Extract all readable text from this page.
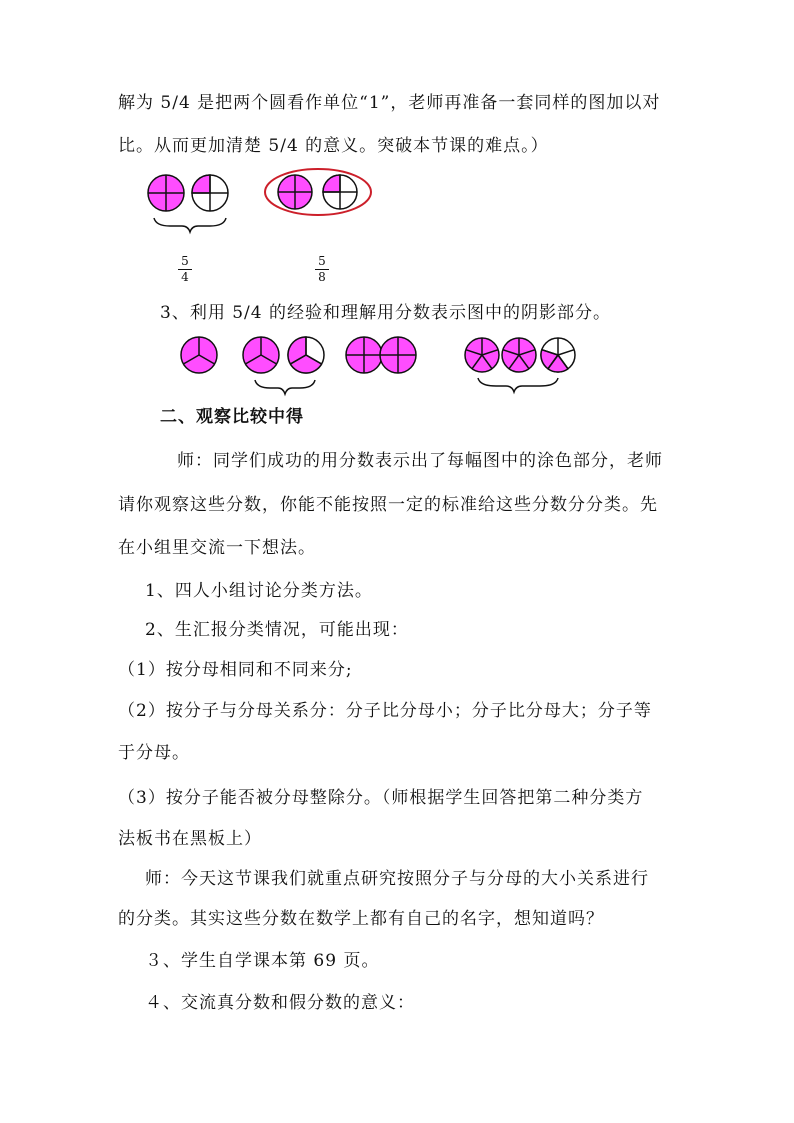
解为 5/4 是把两个圆看作单位“1”，老师再准备一套同样的图加以对
比。从而更加清楚 5/4 的意义。突破本节课的难点。）
3、利用 5/4 的经验和理解用分数表示图中的阴影部分。
二、观察比较中得
师：同学们成功的用分数表示出了每幅图中的涂色部分，老师
请你观察这些分数，你能不能按照一定的标准给这些分数分分类。先
在小组里交流一下想法。
1、四人小组讨论分类方法。
2、生汇报分类情况，可能出现：
（1）按分母相同和不同来分;
（2）按分子与分母关系分：分子比分母小；分子比分母大；分子等
于分母。
（3）按分子能否被分母整除分。（师根据学生回答把第二种分类方
法板书在黑板上）
师：今天这节课我们就重点研究按照分子与分母的大小关系进行
的分类。其实这些分数在数学上都有自己的名字，想知道吗？
３、学生自学课本第 69 页。
４、交流真分数和假分数的意义：
5
4
5
8
